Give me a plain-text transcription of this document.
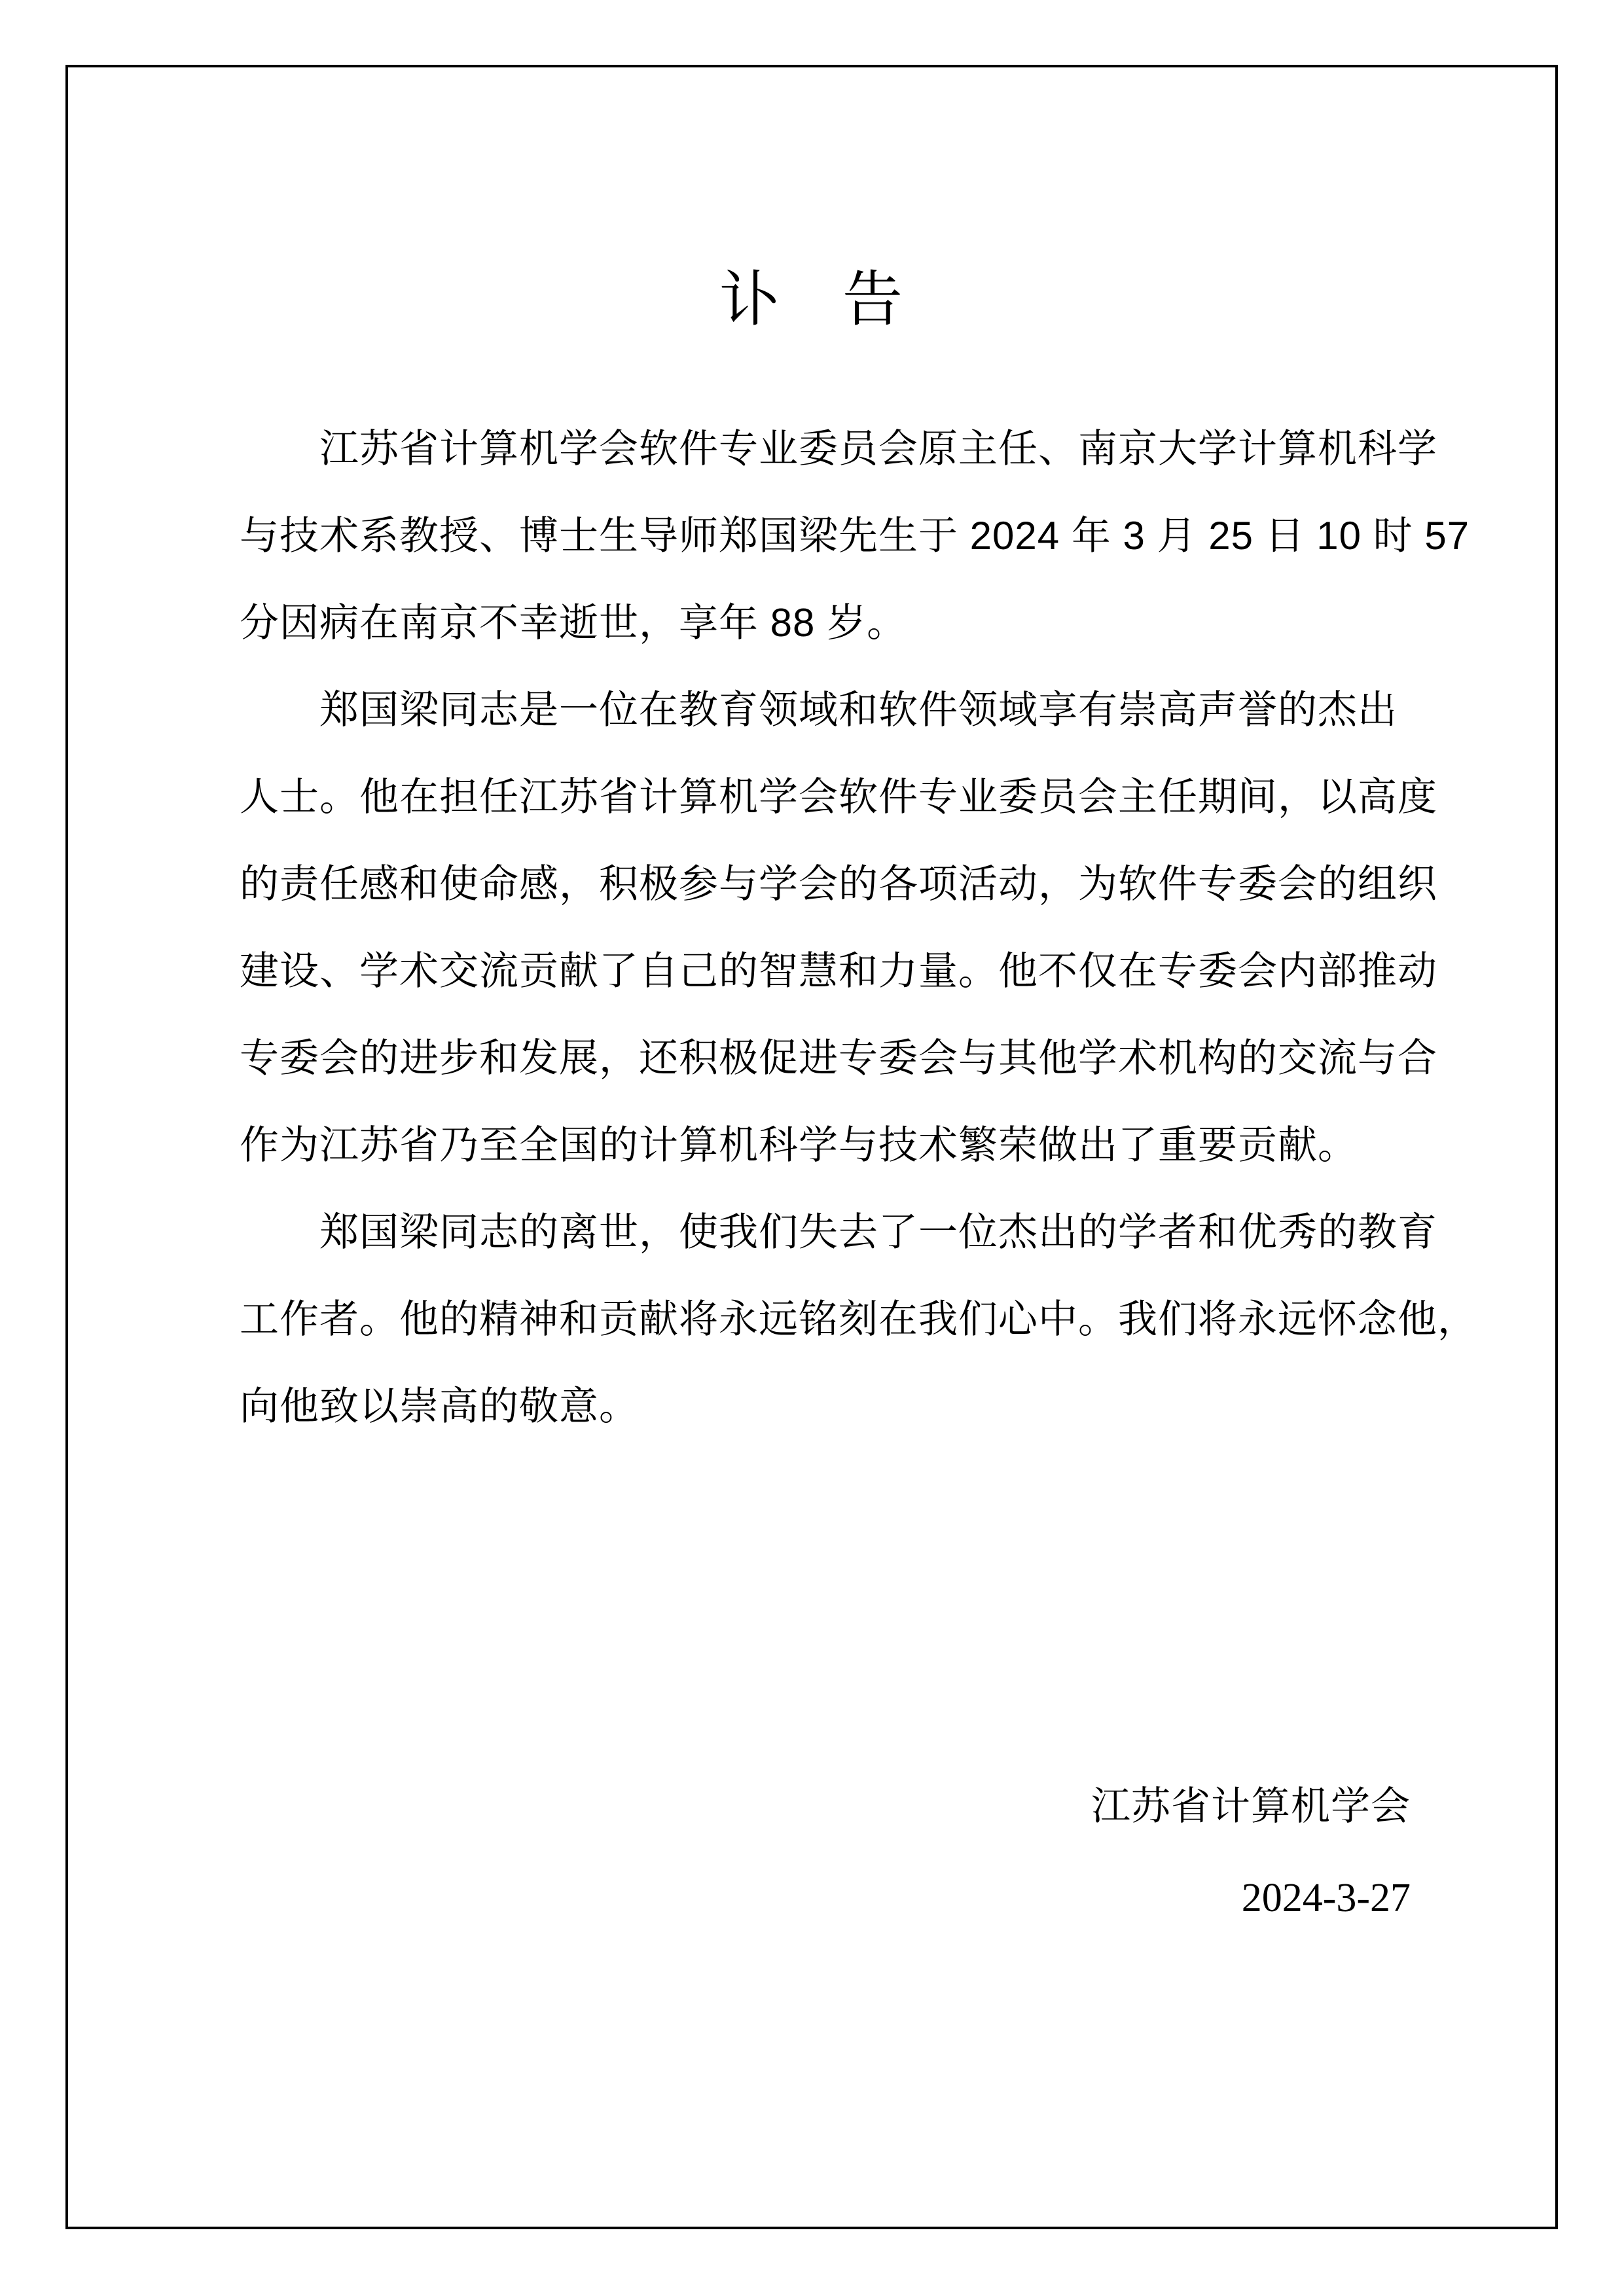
讣　告
　　江苏省计算机学会软件专业委员会原主任、南京大学计算机科学
与技术系教授、博士生导师郑国梁先生于 2024 年 3 月 25 日 10 时 57
分因病在南京不幸逝世，享年 88 岁。
　　郑国梁同志是一位在教育领域和软件领域享有崇高声誉的杰出
人士。他在担任江苏省计算机学会软件专业委员会主任期间，以高度
的责任感和使命感，积极参与学会的各项活动，为软件专委会的组织
建设、学术交流贡献了自己的智慧和力量。他不仅在专委会内部推动
专委会的进步和发展，还积极促进专委会与其他学术机构的交流与合
作为江苏省乃至全国的计算机科学与技术繁荣做出了重要贡献。
　　郑国梁同志的离世，使我们失去了一位杰出的学者和优秀的教育
工作者。他的精神和贡献将永远铭刻在我们心中。我们将永远怀念他，
向他致以崇高的敬意。
江苏省计算机学会
2024-3-27
